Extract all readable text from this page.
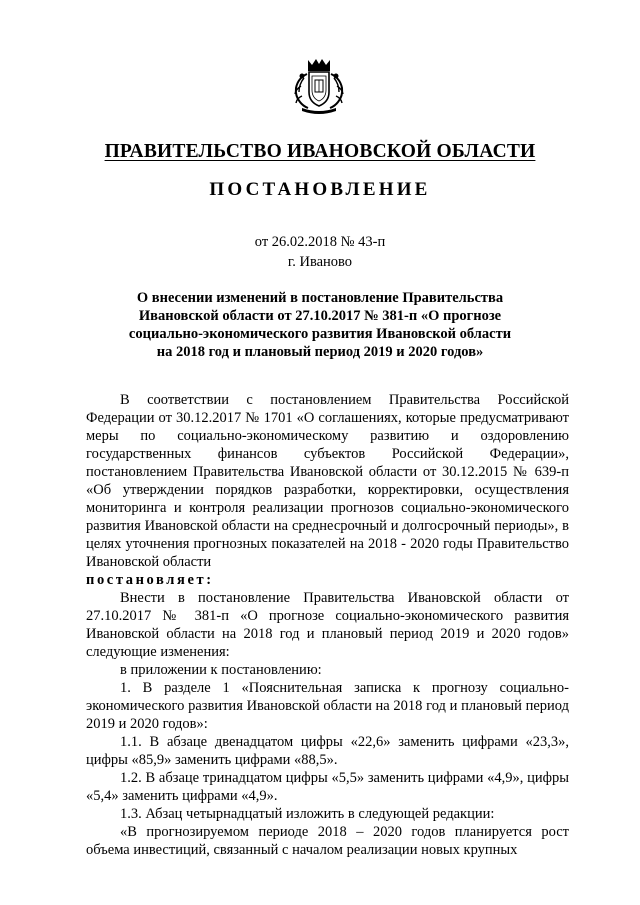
ПРАВИТЕЛЬСТВО ИВАНОВСКОЙ ОБЛАСТИ
ПОСТАНОВЛЕНИЕ
от 26.02.2018 № 43-п
г. Иваново
О внесении изменений в постановление Правительства
Ивановской области от 27.10.2017 № 381-п «О прогнозе
социально-экономического развития Ивановской области
на 2018 год и плановый период 2019 и 2020 годов»

В соответствии с постановлением Правительства Российской Федерации от 30.12.2017 № 1701 «О соглашениях, которые предусматривают меры по социально-экономическому развитию и оздоровлению государственных финансов субъектов Российской Федерации», постановлением Правительства Ивановской области от 30.12.2015 № 639-п «Об утверждении порядков разработки, корректировки, осуществления мониторинга и контроля реализации прогнозов социально-экономического развития Ивановской области на среднесрочный и долгосрочный периоды», в целях уточнения прогнозных показателей на 2018 - 2020 годы Правительство Ивановской области

постановляет:

Внести в постановление Правительства Ивановской области от 27.10.2017 № 381-п «О прогнозе социально-экономического развития Ивановской области на 2018 год и плановый период 2019 и 2020 годов» следующие изменения:

в приложении к постановлению:

1. В разделе 1 «Пояснительная записка к прогнозу социально-экономического развития Ивановской области на 2018 год и плановый период 2019 и 2020 годов»:

1.1. В абзаце двенадцатом цифры «22,6» заменить цифрами «23,3», цифры «85,9» заменить цифрами «88,5».

1.2. В абзаце тринадцатом цифры «5,5» заменить цифрами «4,9», цифры «5,4» заменить цифрами «4,9».

1.3. Абзац четырнадцатый изложить в следующей редакции:

«В прогнозируемом периоде 2018 – 2020 годов планируется рост объема инвестиций, связанный с началом реализации новых крупных
